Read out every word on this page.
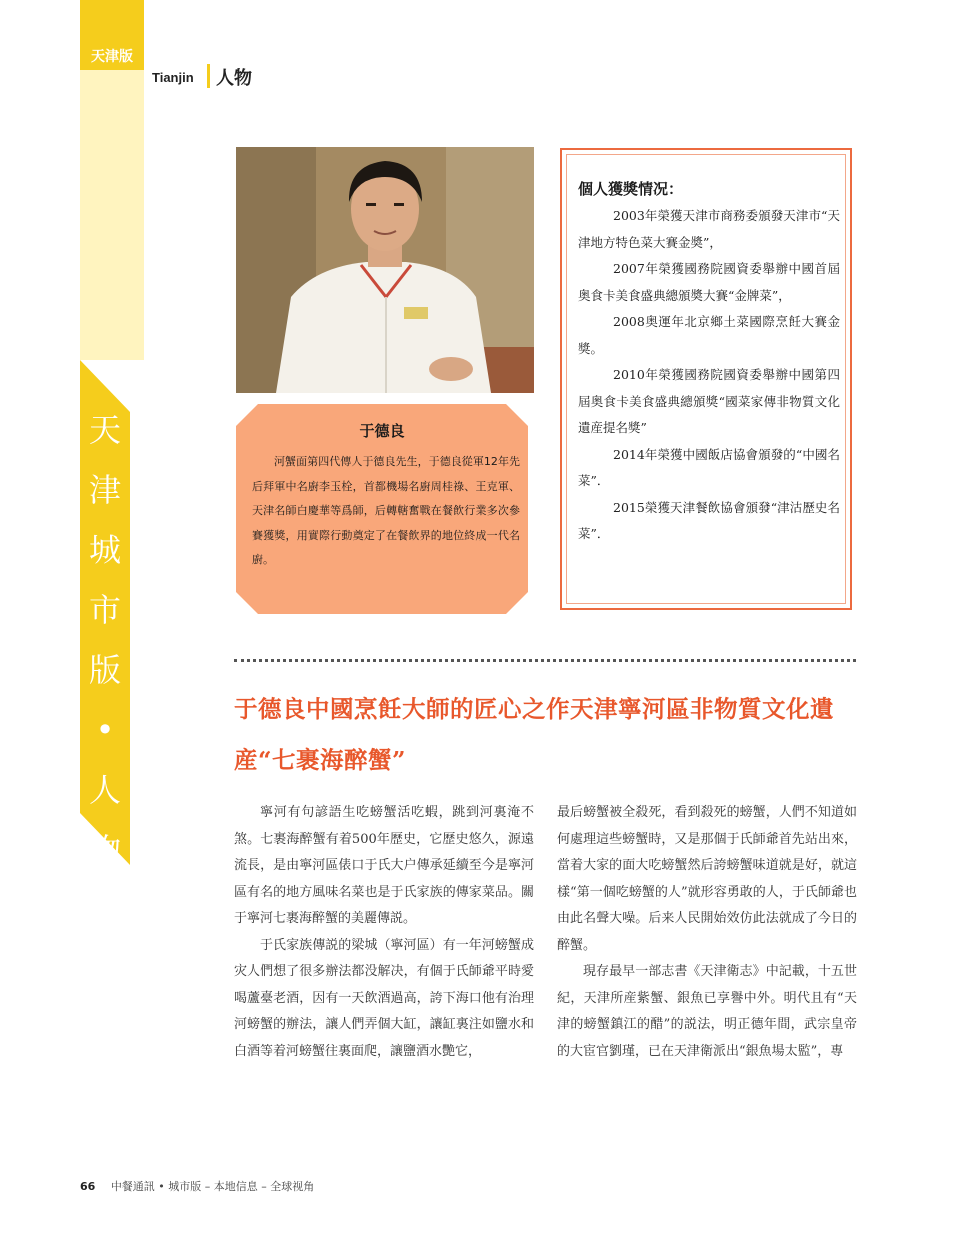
天津版
Tianjin 人物
天津城市版•人物
于德良
河蟹面第四代傳人于德良先生，于德良從軍12年先后拜軍中名廚李玉栓，首都機場名廚周桂祿、王克軍、天津名師白慶華等爲師，后轉轄奮戰在餐飲行業多次參賽獲獎，用實際行動奠定了在餐飲界的地位終成一代名廚。
個人獲獎情况：

2003年榮獲天津市商務委頒發天津市“天津地方特色菜大賽金奬”，

2007年榮獲國務院國資委舉辦中國首屆奥食卡美食盛典總頒奬大賽“金牌菜”，

2008奥運年北京鄉土菜國際烹飪大賽金獎。

2010年榮獲國務院國資委舉辦中國第四屆奥食卡美食盛典總頒獎“國菜家傳非物質文化遺産提名獎”

2014年榮獲中國飯店協會頒發的“中國名菜”．

2015榮獲天津餐飲協會頒發“津沽歷史名菜”．

于德良中國烹飪大師的匠心之作天津寧河區非物質文化遺産“七裹海醉蟹”

寧河有句諺語生吃螃蟹活吃蝦，跳到河裏淹不煞。七裹海醉蟹有着500年歷史，它歷史悠久，源遠流長，是由寧河區俵口于氏大户傳承延續至今是寧河區有名的地方風味名菜也是于氏家族的傳家菜品。關于寧河七裹海醉蟹的美麗傳説。

于氏家族傳説的梁城（寧河區）有一年河螃蟹成灾人們想了很多辦法都没解决，有個于氏師爺平時愛喝蘆臺老酒，因有一天飲酒過高，誇下海口他有治理河螃蟹的辦法，讓人們弄個大缸，讓缸裏注如鹽水和白酒等着河螃蟹往裏面爬，讓鹽酒水艷它，

最后螃蟹被全殺死，看到殺死的螃蟹，人們不知道如何處理這些螃蟹時，又是那個于氏師爺首先站出來，當着大家的面大吃螃蟹然后誇螃蟹味道就是好，就這樣“第一個吃螃蟹的人”就形容勇敢的人，于氏師爺也由此名聲大噪。后来人民開始效仿此法就成了今日的醉蟹。

現存最早一部志書《天津衛志》中記載，十五世紀，天津所産紫蟹、銀魚已享譽中外。明代且有“天津的螃蟹鎮江的醋”的説法，明正德年間，武宗皇帝的大宦官劉瑾，已在天津衛派出“銀魚場太監”，專

66 中餐通訊 • 城市版 – 本地信息 – 全球视角
